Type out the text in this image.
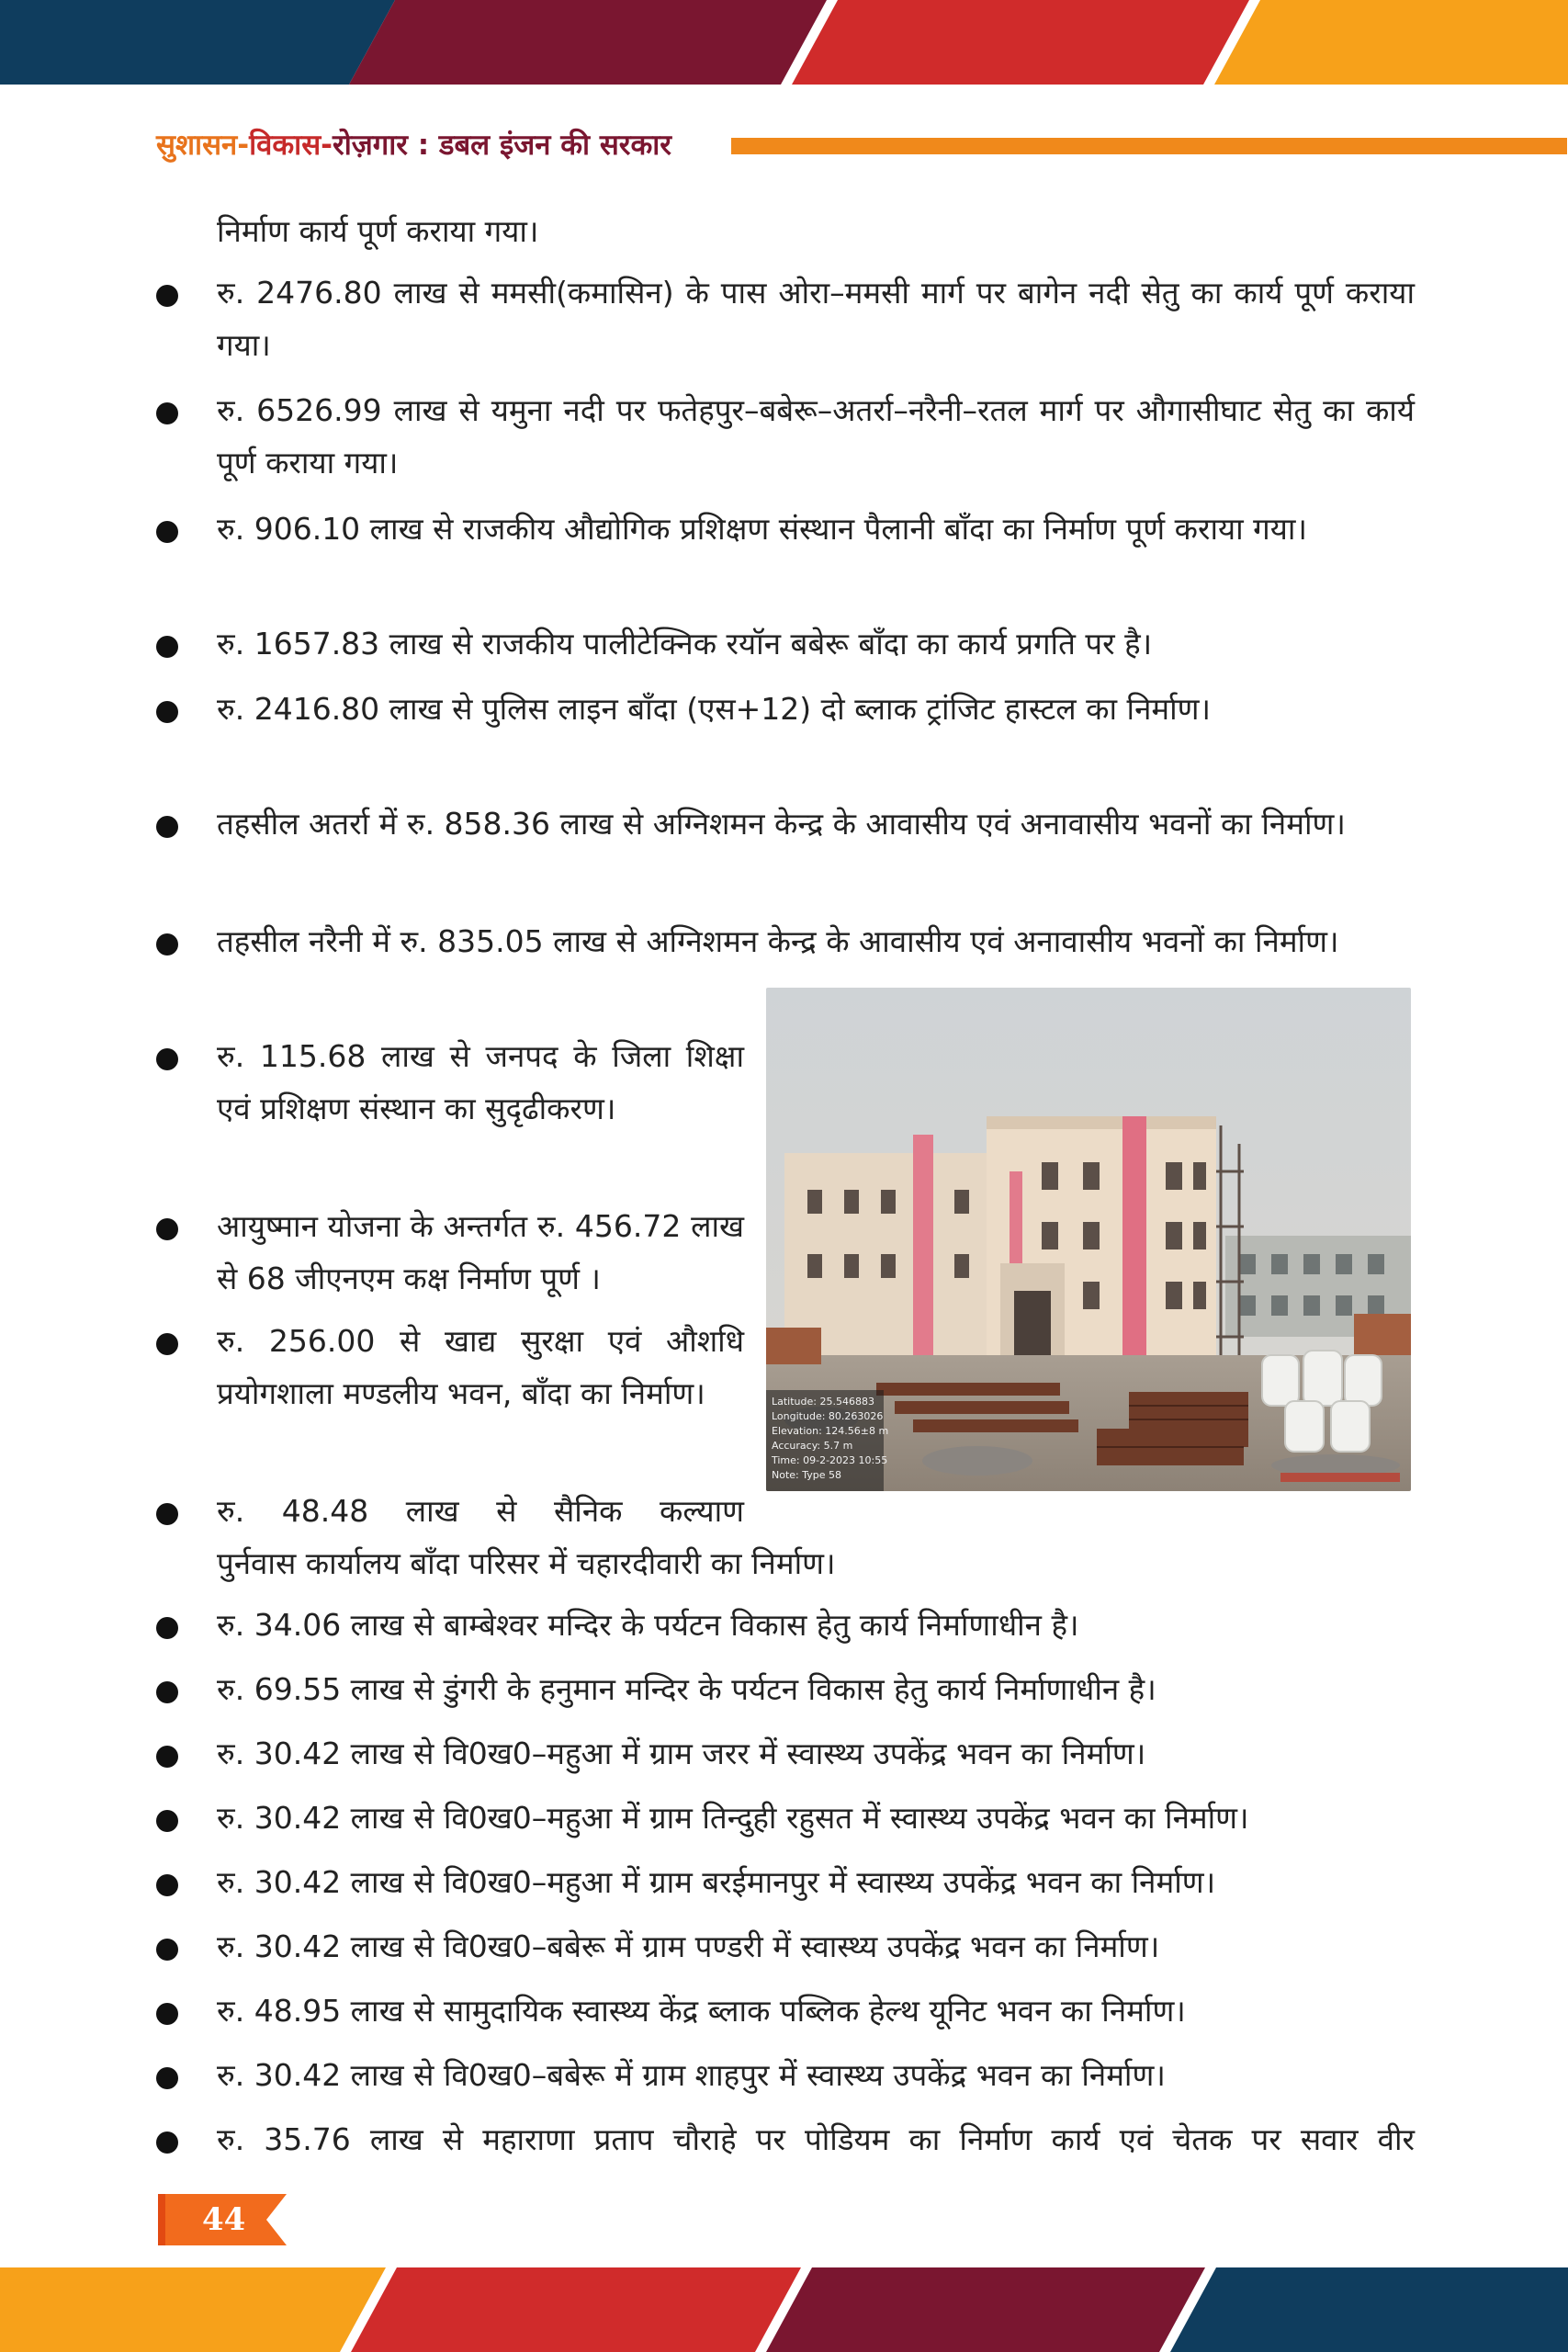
सुशासन-विकास-रोज़गार : डबल इंजन की सरकार

निर्माण कार्य पूर्ण कराया गया।

रु. 2476.80 लाख से ममसी(कमासिन) के पास ओरा–ममसी मार्ग पर बागेन नदी सेतु का कार्य पूर्ण कराया गया।
रु. 6526.99 लाख से यमुना नदी पर फतेहपुर–बबेरू–अतर्रा–नरैनी–रतल मार्ग पर औगासीघाट सेतु का कार्य पूर्ण कराया गया।
रु. 906.10 लाख से राजकीय औद्योगिक प्रशिक्षण संस्थान पैलानी बाँदा का निर्माण पूर्ण कराया गया।
रु. 1657.83 लाख से राजकीय पालीटेक्निक रयॉन बबेरू बाँदा का कार्य प्रगति पर है।
रु. 2416.80 लाख से पुलिस लाइन बाँदा (एस+12) दो ब्लाक ट्रांजिट हास्टल का निर्माण।
तहसील अतर्रा में रु. 858.36 लाख से अग्निशमन केन्द्र के आवासीय एवं अनावासीय भवनों का निर्माण।
तहसील नरैनी में रु. 835.05 लाख से अग्निशमन केन्द्र के आवासीय एवं अनावासीय भवनों का निर्माण।
रु. 115.68 लाख से जनपद के जिला शिक्षा एवं प्रशिक्षण संस्थान का सुदृढीकरण।
आयुष्मान योजना के अन्तर्गत रु. 456.72 लाख से 68 जीएनएम कक्ष निर्माण पूर्ण ।
रु. 256.00 से खाद्य सुरक्षा एवं औशधि प्रयोगशाला मण्डलीय भवन, बाँदा का निर्माण।
रु. 48.48 लाख से सैनिक कल्याण

पुर्नवास कार्यालय बाँदा परिसर में चहारदीवारी का निर्माण।

रु. 34.06 लाख से बाम्बेश्वर मन्दिर के पर्यटन विकास हेतु कार्य निर्माणाधीन है।
रु. 69.55 लाख से डुंगरी के हनुमान मन्दिर के पर्यटन विकास हेतु कार्य निर्माणाधीन है।
रु. 30.42 लाख से वि0ख0–महुआ में ग्राम जरर में स्वास्थ्य उपकेंद्र भवन का निर्माण।
रु. 30.42 लाख से वि0ख0–महुआ में ग्राम तिन्दुही रहुसत में स्वास्थ्य उपकेंद्र भवन का निर्माण।
रु. 30.42 लाख से वि0ख0–महुआ में ग्राम बरईमानपुर में स्वास्थ्य उपकेंद्र भवन का निर्माण।
रु. 30.42 लाख से वि0ख0–बबेरू में ग्राम पण्डरी में स्वास्थ्य उपकेंद्र भवन का निर्माण।
रु. 48.95 लाख से सामुदायिक स्वास्थ्य केंद्र ब्लाक पब्लिक हेल्थ यूनिट भवन का निर्माण।
रु. 30.42 लाख से वि0ख0–बबेरू में ग्राम शाहपुर में स्वास्थ्य उपकेंद्र भवन का निर्माण।
रु. 35.76 लाख से महाराणा प्रताप चौराहे पर पोडियम का निर्माण कार्य एवं चेतक पर सवार वीर
Latitude: 25.546883
Longitude: 80.263026
Elevation: 124.56±8 m
Accuracy: 5.7 m
Time: 09-2-2023 10:55
Note: Type 58
44
